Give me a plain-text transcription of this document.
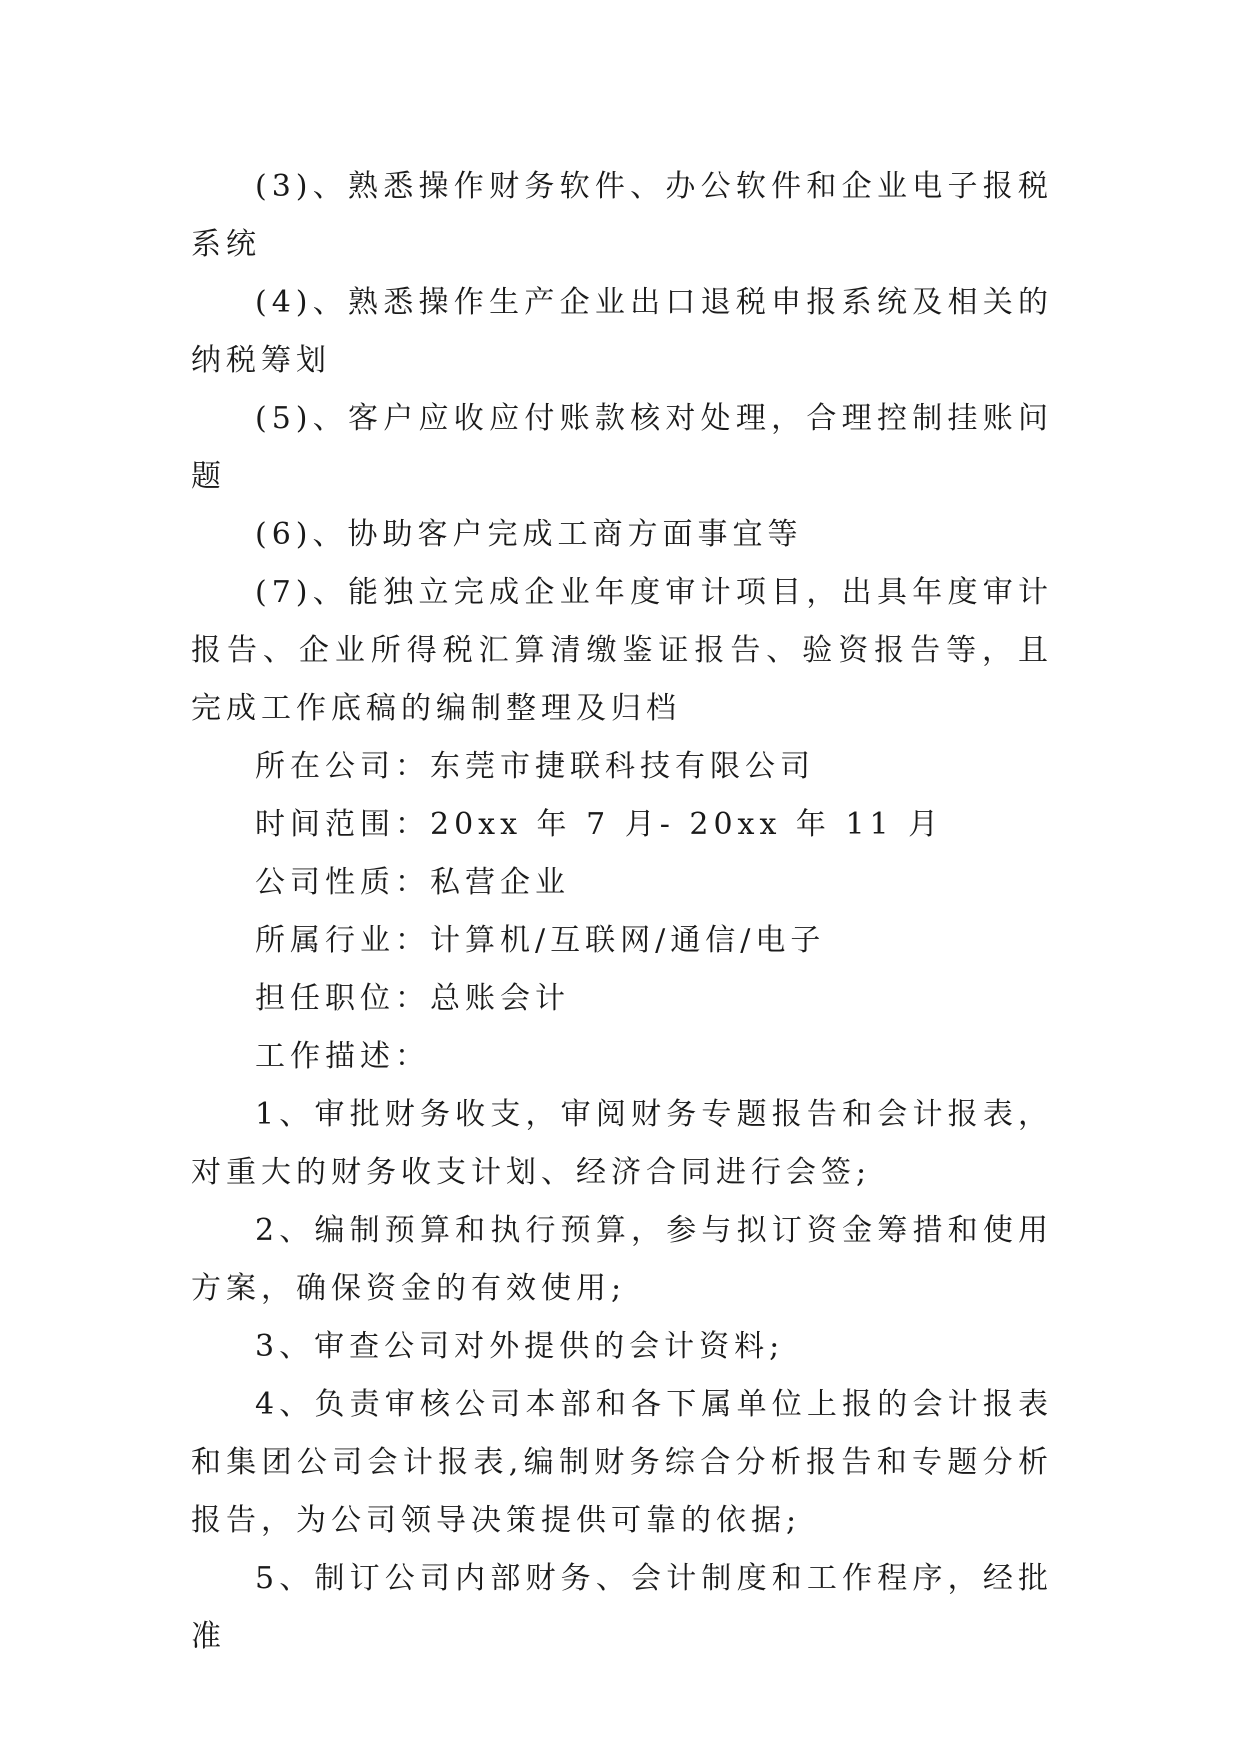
(3)、熟悉操作财务软件、办公软件和企业电子报税系统

(4)、熟悉操作生产企业出口退税申报系统及相关的纳税筹划

(5)、客户应收应付账款核对处理，合理控制挂账问题

(6)、协助客户完成工商方面事宜等

(7)、能独立完成企业年度审计项目，出具年度审计报告、企业所得税汇算清缴鉴证报告、验资报告等，且完成工作底稿的编制整理及归档

所在公司：东莞市捷联科技有限公司

时间范围：20xx 年 7 月- 20xx 年 11 月

公司性质：私营企业

所属行业：计算机/互联网/通信/电子

担任职位：总账会计

工作描述：

1、审批财务收支，审阅财务专题报告和会计报表，对重大的财务收支计划、经济合同进行会签;

2、编制预算和执行预算，参与拟订资金筹措和使用方案，确保资金的有效使用;

3、审查公司对外提供的会计资料;

4、负责审核公司本部和各下属单位上报的会计报表和集团公司会计报表,编制财务综合分析报告和专题分析报告，为公司领导决策提供可靠的依据;

5、制订公司内部财务、会计制度和工作程序，经批准
